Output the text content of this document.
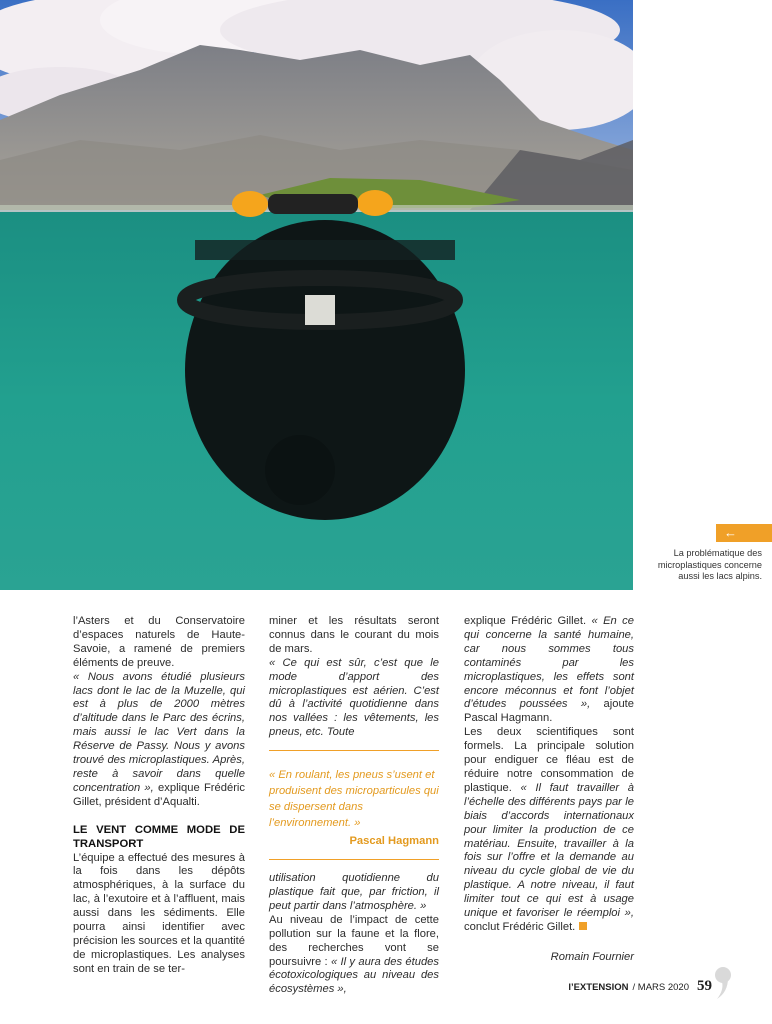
←
La problématique des microplastiques concerne aussi les lacs alpins.

l’Asters et du Conservatoire d’espaces naturels de Haute-Savoie, a ramené de premiers éléments de preuve.

« Nous avons étudié plusieurs lacs dont le lac de la Muzelle, qui est à plus de 2000 mètres d’altitude dans le Parc des écrins, mais aussi le lac Vert dans la Réserve de Passy. Nous y avons trouvé des microplastiques. Après, reste à savoir dans quelle concentration », explique Frédéric Gillet, président d’Aqualti.

LE VENT COMME MODE DE TRANSPORT

L’équipe a effectué des mesures à la fois dans les dépôts atmosphériques, à la surface du lac, à l’exutoire et à l’affluent, mais aussi dans les sédiments. Elle pourra ainsi identifier avec précision les sources et la quantité de microplastiques. Les analyses sont en train de se ter-

miner et les résultats seront connus dans le courant du mois de mars.

« Ce qui est sûr, c’est que le mode d’apport des microplastiques est aérien. C’est dû à l’activité quotidienne dans nos vallées : les vêtements, les pneus, etc. Toute

« En roulant, les pneus s’usent et produisent des microparticules qui se dispersent dans l’environnement. »

Pascal Hagmann

utilisation quotidienne du plastique fait que, par friction, il peut partir dans l’atmosphère. »

Au niveau de l’impact de cette pollution sur la faune et la flore, des recherches vont se poursuivre : « Il y aura des études écotoxicologiques au niveau des écosystèmes »,

explique Frédéric Gillet. « En ce qui concerne la santé humaine, car nous sommes tous contaminés par les microplastiques, les effets sont encore méconnus et font l’objet d’études poussées », ajoute Pascal Hagmann.

Les deux scientifiques sont formels. La principale solution pour endiguer ce fléau est de réduire notre consommation de plastique. « Il faut travailler à l’échelle des différents pays par le biais d’accords internationaux pour limiter la production de ce matériau. Ensuite, travailler à la fois sur l’offre et la demande au niveau du cycle global de vie du plastique. A notre niveau, il faut limiter tout ce qui est à usage unique et favoriser le réemploi », conclut Frédéric Gillet.

Romain Fournier

l’EXTENSION / MARS 2020 59
